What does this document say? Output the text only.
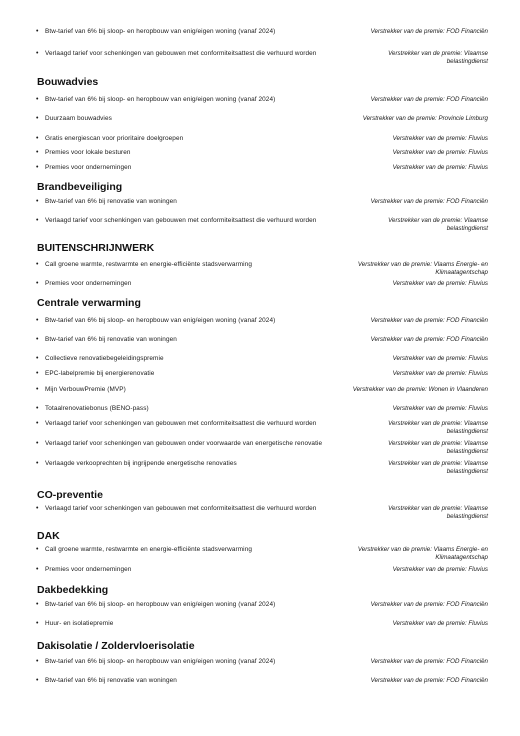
• Btw-tarief van 6% bij sloop- en heropbouw van enig/eigen woning (vanaf 2024)	Verstrekker van de premie: FOD Financiën
• Verlaagd tarief voor schenkingen van gebouwen met conformiteitsattest die verhuurd worden	Verstrekker van de premie: Vlaamse belastingdienst
Bouwadvies
• Btw-tarief van 6% bij sloop- en heropbouw van enig/eigen woning (vanaf 2024)	Verstrekker van de premie: FOD Financiën
• Duurzaam bouwadvies	Verstrekker van de premie: Provincie Limburg
• Gratis energiescan voor prioritaire doelgroepen	Verstrekker van de premie: Fluvius
• Premies voor lokale besturen	Verstrekker van de premie: Fluvius
• Premies voor ondernemingen	Verstrekker van de premie: Fluvius
Brandbeveiliging
• Btw-tarief van 6% bij renovatie van woningen	Verstrekker van de premie: FOD Financiën
• Verlaagd tarief voor schenkingen van gebouwen met conformiteitsattest die verhuurd worden	Verstrekker van de premie: Vlaamse belastingdienst
BUITENSCHRIJNWERK
• Call groene warmte, restwarmte en energie-efficiënte stadsverwarming	Verstrekker van de premie: Vlaams Energie- en Klimaatagentschap
• Premies voor ondernemingen	Verstrekker van de premie: Fluvius
Centrale verwarming
• Btw-tarief van 6% bij sloop- en heropbouw van enig/eigen woning (vanaf 2024)	Verstrekker van de premie: FOD Financiën
• Btw-tarief van 6% bij renovatie van woningen	Verstrekker van de premie: FOD Financiën
• Collectieve renovatiebegeleidingspremie	Verstrekker van de premie: Fluvius
• EPC-labelpremie bij energierenovatie	Verstrekker van de premie: Fluvius
• Mijn VerbouwPremie (MVP)	Verstrekker van de premie: Wonen in Vlaanderen
• Totaalrenovatiebonus (BENO-pass)	Verstrekker van de premie: Fluvius
• Verlaagd tarief voor schenkingen van gebouwen met conformiteitsattest die verhuurd worden	Verstrekker van de premie: Vlaamse belastingdienst
• Verlaagd tarief voor schenkingen van gebouwen onder voorwaarde van energetische renovatie	Verstrekker van de premie: Vlaamse belastingdienst
• Verlaagde verkooprechten bij ingrijpende energetische renovaties	Verstrekker van de premie: Vlaamse belastingdienst
CO-preventie
• Verlaagd tarief voor schenkingen van gebouwen met conformiteitsattest die verhuurd worden	Verstrekker van de premie: Vlaamse belastingdienst
DAK
• Call groene warmte, restwarmte en energie-efficiënte stadsverwarming	Verstrekker van de premie: Vlaams Energie- en Klimaatagentschap
• Premies voor ondernemingen	Verstrekker van de premie: Fluvius
Dakbedekking
• Btw-tarief van 6% bij sloop- en heropbouw van enig/eigen woning (vanaf 2024)	Verstrekker van de premie: FOD Financiën
• Huur- en isolatiepremie	Verstrekker van de premie: Fluvius
Dakisolatie / Zoldervloerisolatie
• Btw-tarief van 6% bij sloop- en heropbouw van enig/eigen woning (vanaf 2024)	Verstrekker van de premie: FOD Financiën
• Btw-tarief van 6% bij renovatie van woningen	Verstrekker van de premie: FOD Financiën
